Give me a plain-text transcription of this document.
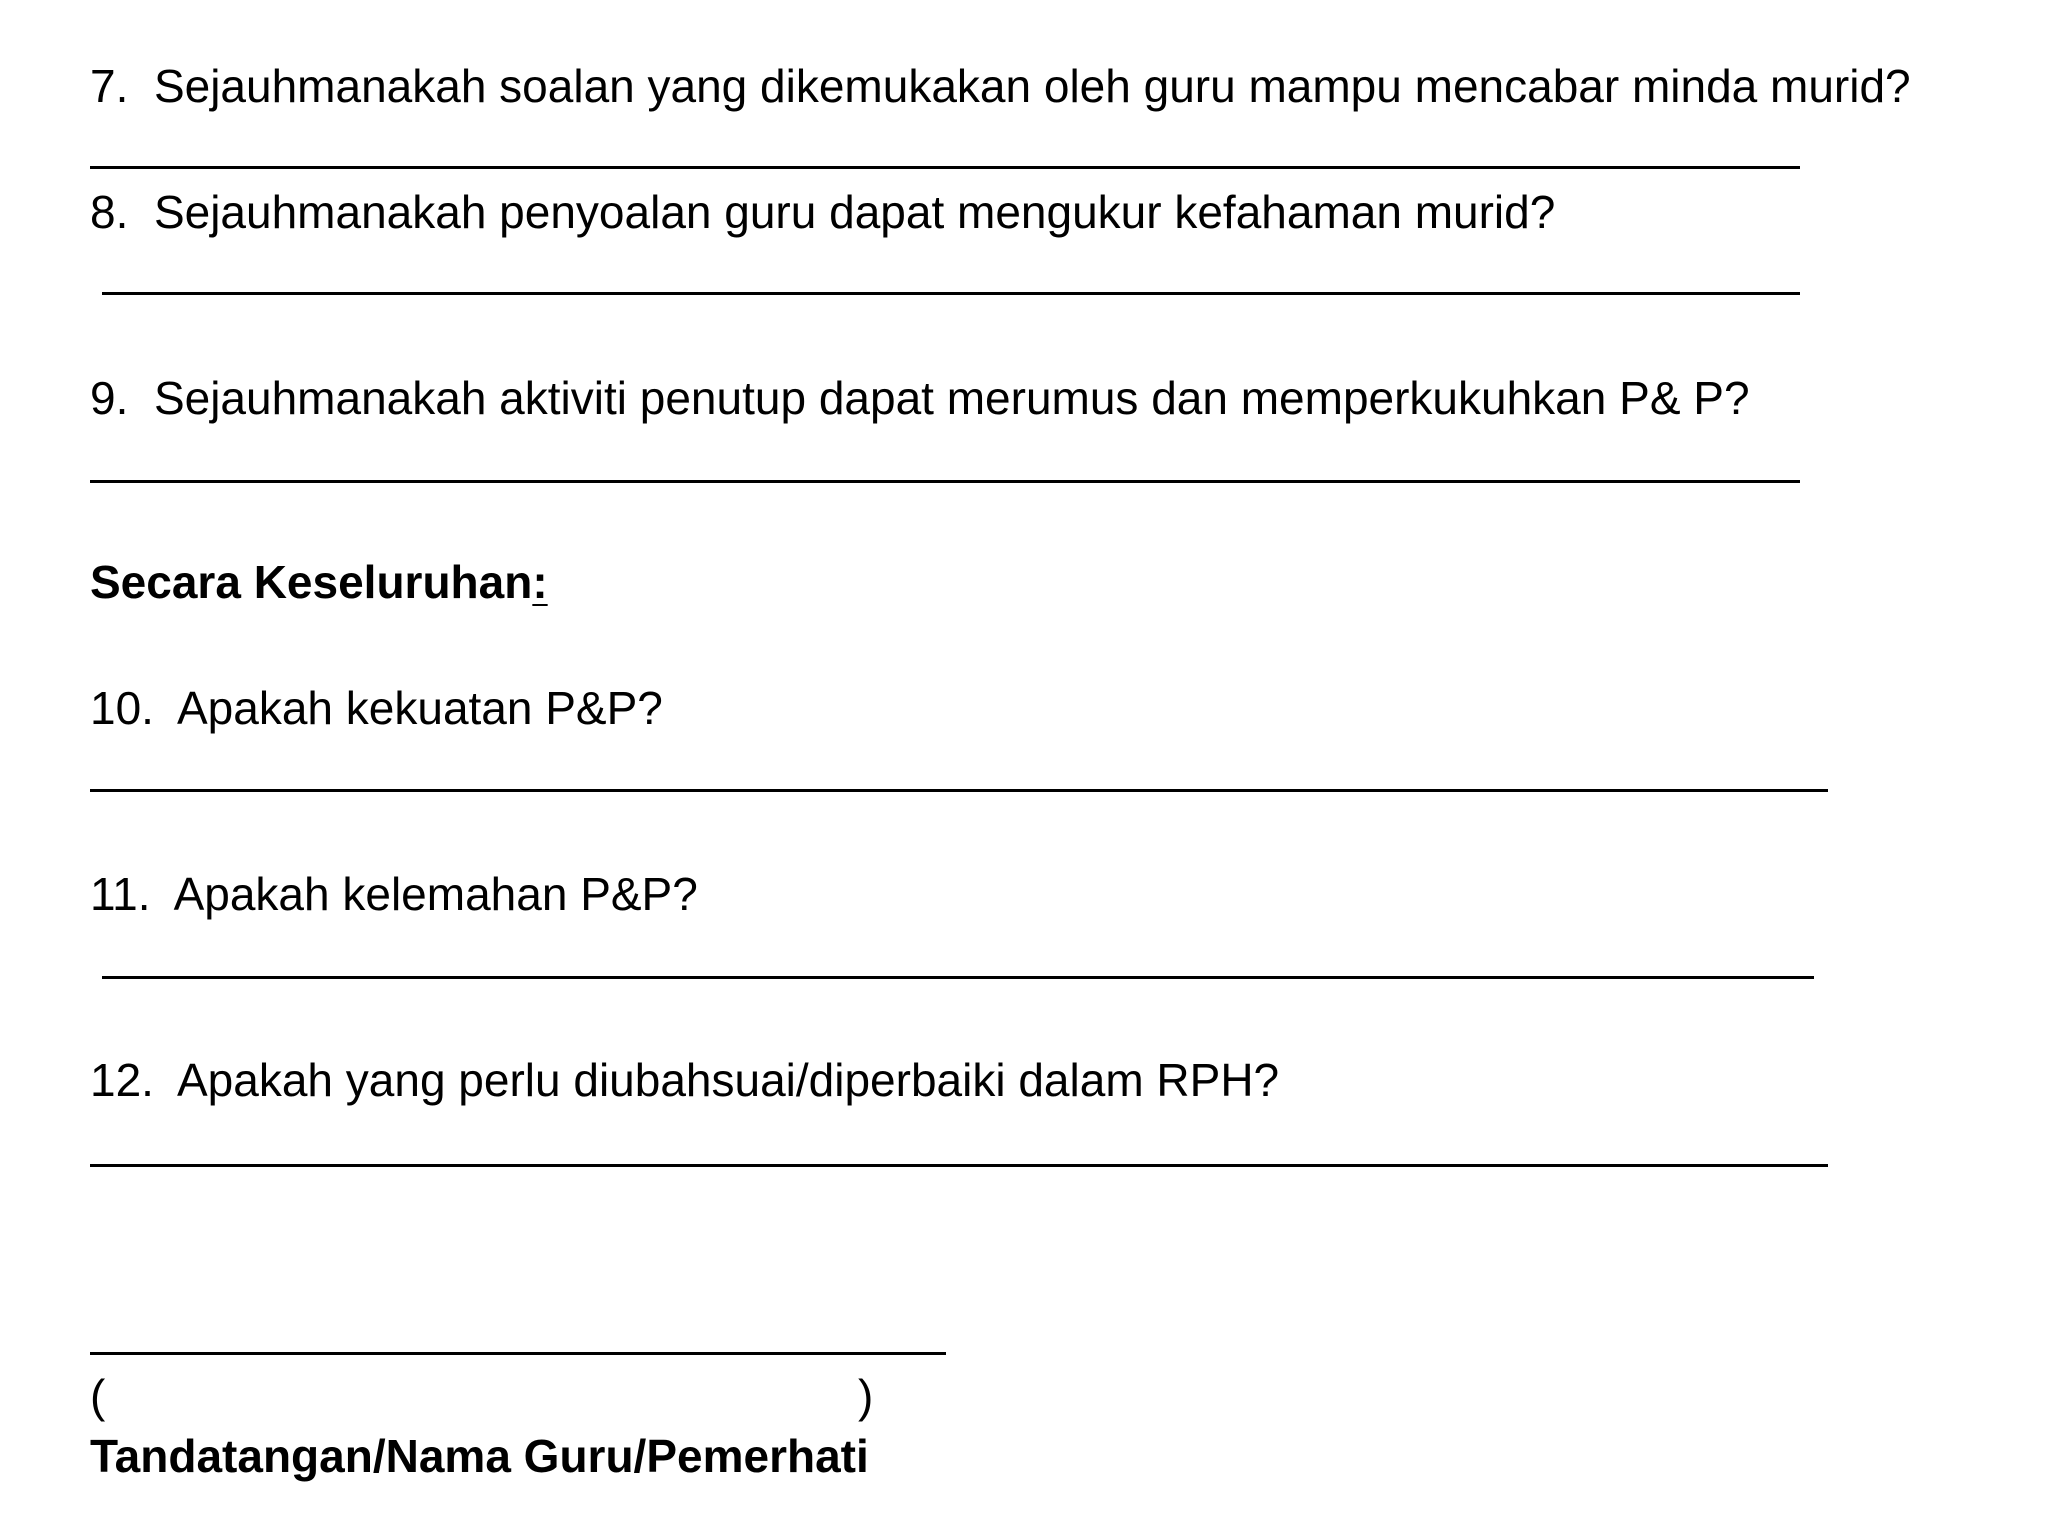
7. Sejauhmanakah soalan yang dikemukakan oleh guru mampu mencabar minda murid?
8. Sejauhmanakah penyoalan guru dapat mengukur kefahaman murid?
9. Sejauhmanakah aktiviti penutup dapat merumus dan memperkukuhkan P& P?
Secara Keseluruhan:
10. Apakah kekuatan P&P?
11. Apakah kelemahan P&P?
12. Apakah yang perlu diubahsuai/diperbaiki dalam RPH?
(	)
Tandatangan/Nama Guru/Pemerhati
